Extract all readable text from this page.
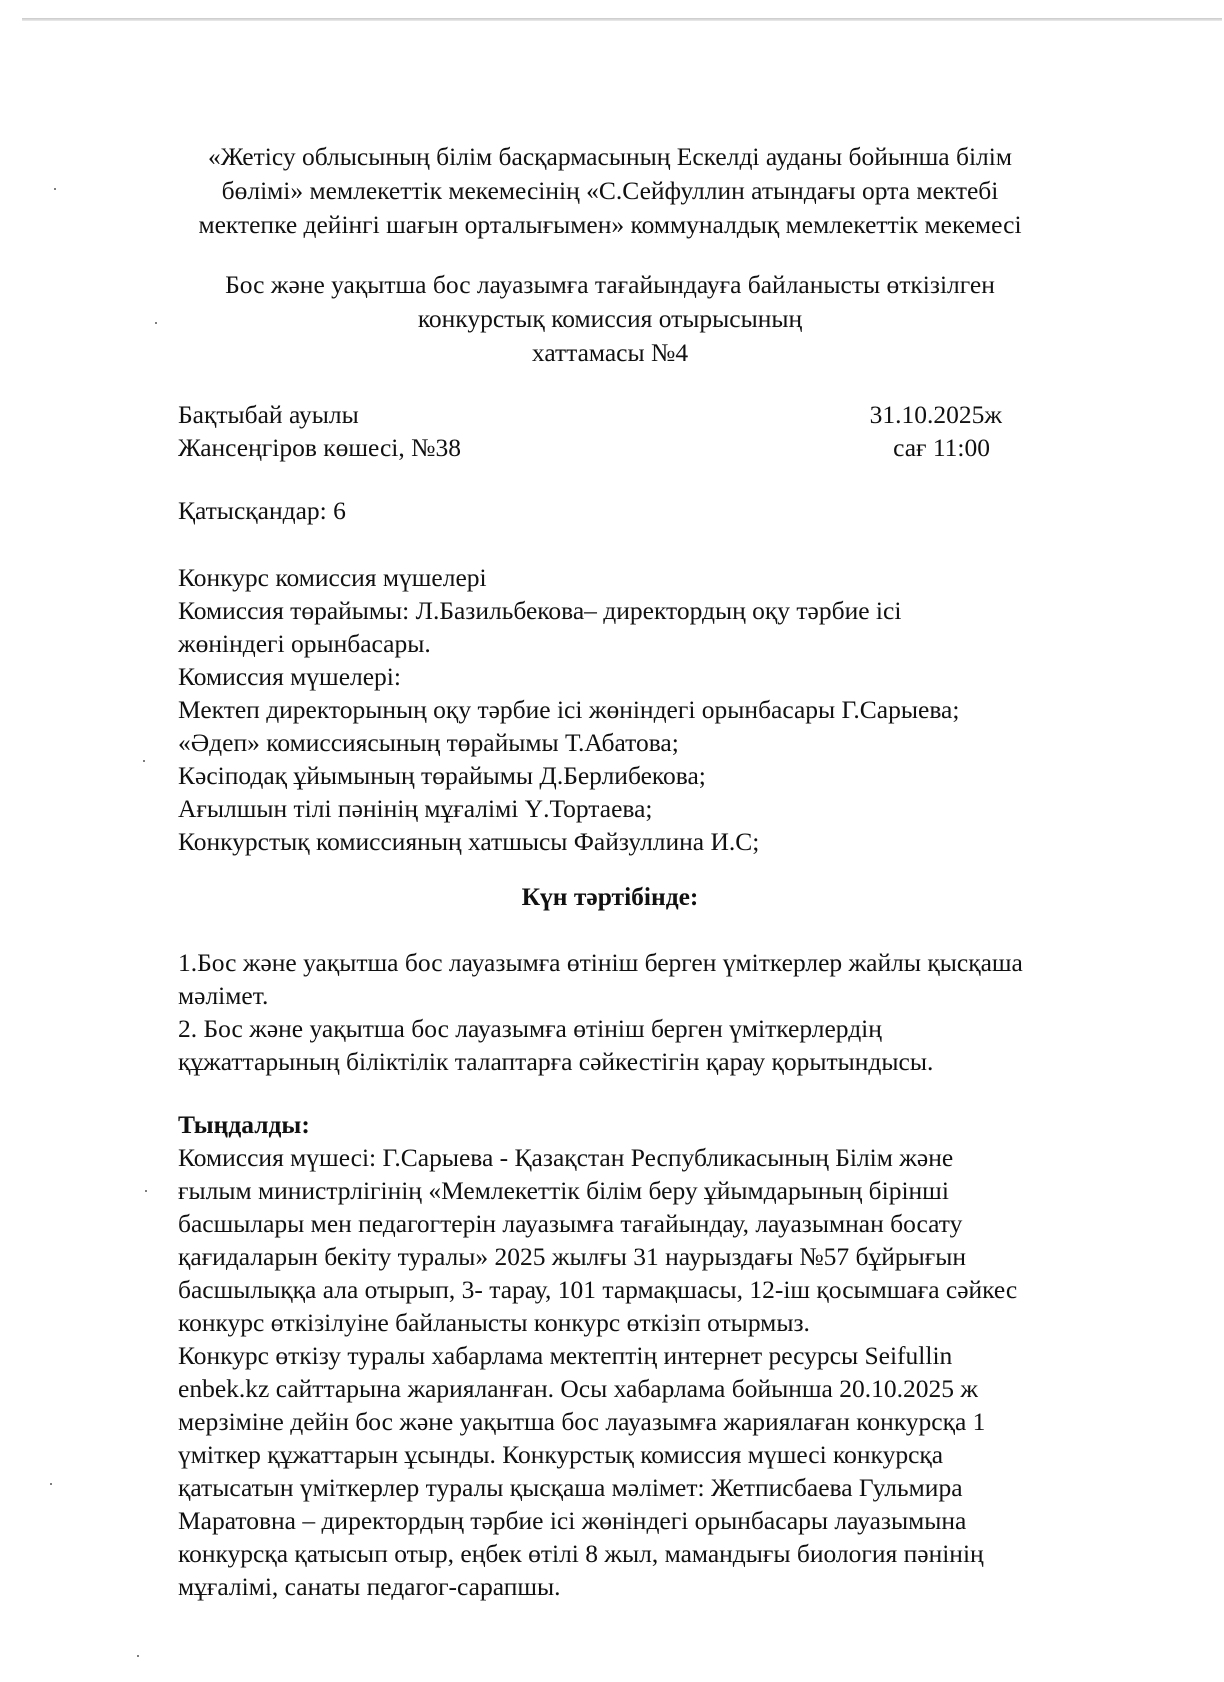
«Жетісу облысының білім басқармасының Ескелді ауданы бойынша білім
бөлімі» мемлекеттік мекемесінің «С.Сейфуллин атындағы орта мектебі
мектепке дейінгі шағын орталығымен» коммуналдық мемлекеттік мекемесі
Бос және уақытша бос лауазымға тағайындауға байланысты өткізілген
конкурстық комиссия отырысының
хаттамасы №4
Бақтыбай ауылы
Жансеңгіров көшесі, №38
31.10.2025ж
сағ 11:00
Қатысқандар: 6
Конкурс комиссия мүшелері
Комиссия төрайымы: Л.Базильбекова– директордың оқу тәрбие ісі
жөніндегі орынбасары.
Комиссия мүшелері:
Мектеп директорының оқу тәрбие ісі жөніндегі орынбасары Г.Сарыева;
«Әдеп» комиссиясының төрайымы Т.Абатова;
Кәсіподақ ұйымының төрайымы Д.Берлибекова;
Ағылшын тілі пәнінің мұғалімі Ү.Тортаева;
Конкурстық комиссияның хатшысы Файзуллина И.С;
Күн тәртібінде:
1.Бос және уақытша бос лауазымға өтініш берген үміткерлер жайлы қысқаша
мәлімет.
2. Бос және уақытша бос лауазымға өтініш берген үміткерлердің
құжаттарының біліктілік талаптарға сәйкестігін қарау қорытындысы.
Тыңдалды:
Комиссия мүшесі: Г.Сарыева - Қазақстан Республикасының Білім және
ғылым министрлігінің «Мемлекеттік білім беру ұйымдарының бірінші
басшылары мен педагогтерін лауазымға тағайындау, лауазымнан босату
қағидаларын бекіту туралы» 2025 жылғы 31 наурыздағы №57 бұйрығын
басшылыққа ала отырып, 3- тарау, 101 тармақшасы, 12-іш қосымшаға сәйкес
конкурс өткізілуіне байланысты конкурс өткізіп отырмыз.
Конкурс өткізу туралы хабарлама мектептің интернет ресурсы Seifullin
enbek.kz сайттарына жарияланған. Осы хабарлама бойынша 20.10.2025 ж
мерзіміне дейін бос және уақытша бос лауазымға жариялаған конкурсқа 1
үміткер құжаттарын ұсынды. Конкурстық комиссия мүшесі конкурсқа
қатысатын үміткерлер туралы қысқаша мәлімет: Жетписбаева Гульмира
Маратовна – директордың тәрбие ісі жөніндегі орынбасары лауазымына
конкурсқа қатысып отыр, еңбек өтілі 8 жыл, мамандығы биология пәнінің
мұғалімі, санаты педагог-сарапшы.
